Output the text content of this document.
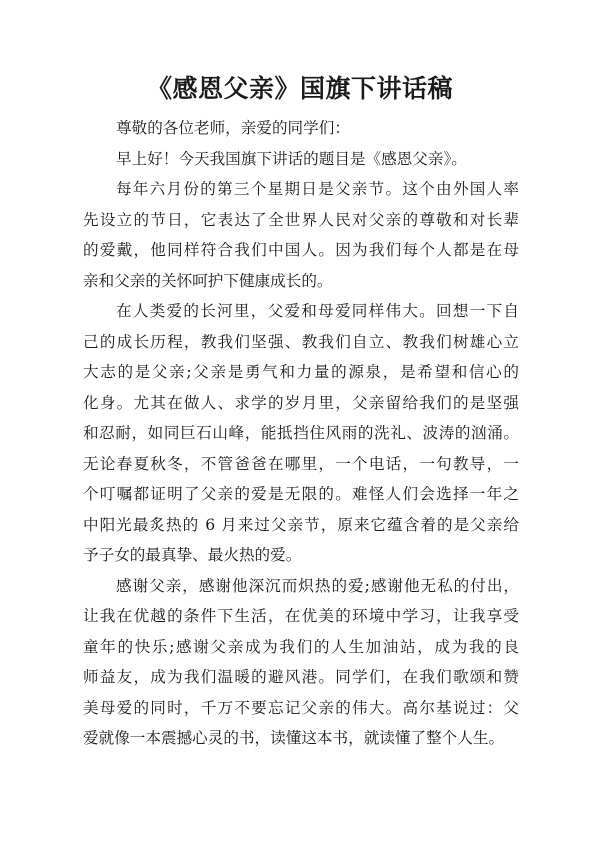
《感恩父亲》国旗下讲话稿
尊敬的各位老师，亲爱的同学们：
早上好！今天我国旗下讲话的题目是《感恩父亲》。
每年六月份的第三个星期日是父亲节。这个由外国人率
先设立的节日，它表达了全世界人民对父亲的尊敬和对长辈
的爱戴，他同样符合我们中国人。因为我们每个人都是在母
亲和父亲的关怀呵护下健康成长的。
在人类爱的长河里，父爱和母爱同样伟大。回想一下自
己的成长历程，教我们坚强、教我们自立、教我们树雄心立
大志的是父亲;父亲是勇气和力量的源泉，是希望和信心的
化身。尤其在做人、求学的岁月里，父亲留给我们的是坚强
和忍耐，如同巨石山峰，能抵挡住风雨的洗礼、波涛的汹涌。
无论春夏秋冬，不管爸爸在哪里，一个电话，一句教导，一
个叮嘱都证明了父亲的爱是无限的。难怪人们会选择一年之
中阳光最炙热的 6 月来过父亲节，原来它蕴含着的是父亲给
予子女的最真挚、最火热的爱。
感谢父亲，感谢他深沉而炽热的爱;感谢他无私的付出，
让我在优越的条件下生活，在优美的环境中学习，让我享受
童年的快乐;感谢父亲成为我们的人生加油站，成为我的良
师益友，成为我们温暖的避风港。同学们，在我们歌颂和赞
美母爱的同时，千万不要忘记父亲的伟大。高尔基说过：父
爱就像一本震撼心灵的书，读懂这本书，就读懂了整个人生。
